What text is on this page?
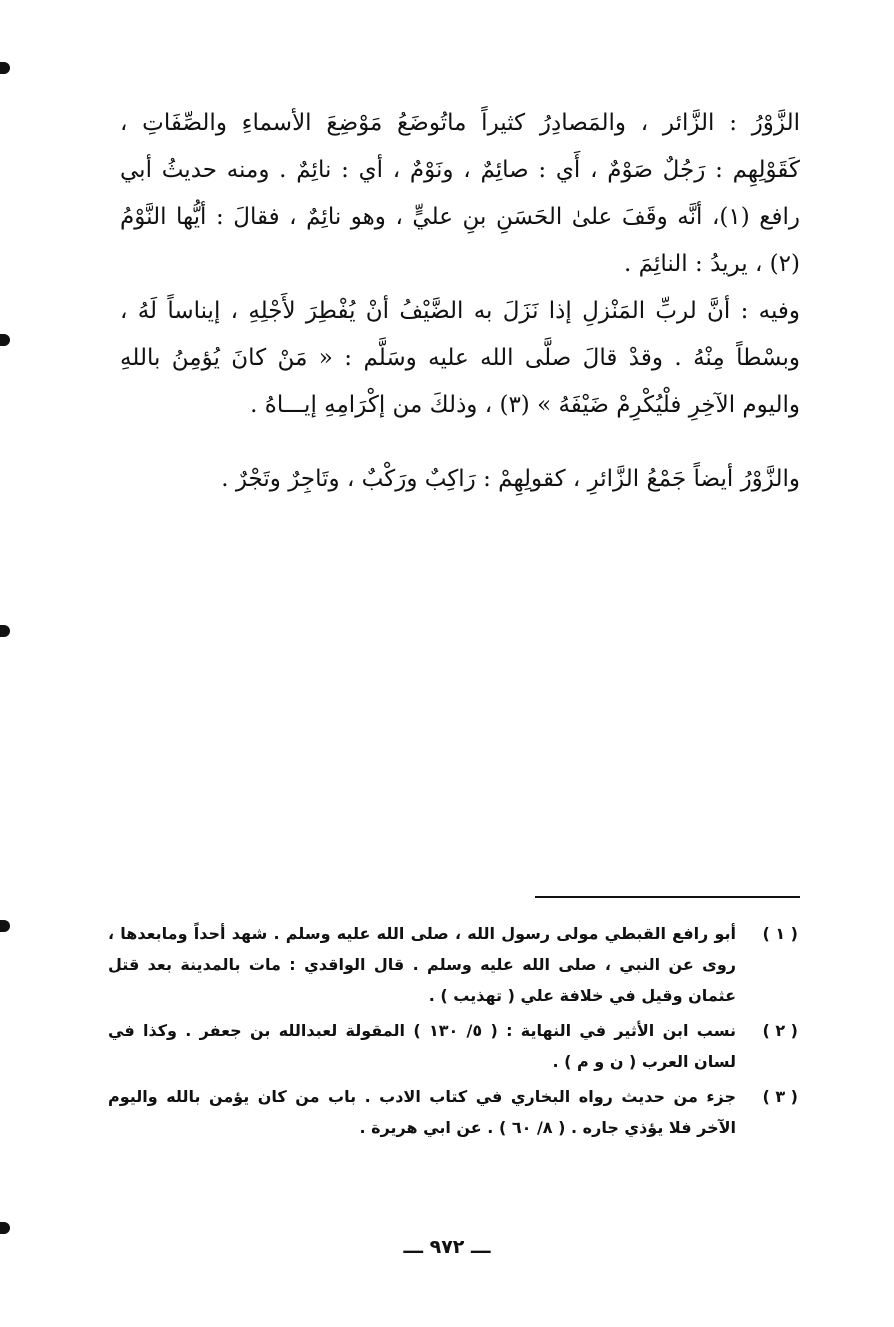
الزَّوْرُ : الزَّائر ، والمَصادِرُ كثيراً ماتُوضَعُ مَوْضِعَ الأسماءِ والصِّفَاتِ ، كَقَوْلِهِم : رَجُلٌ صَوْمٌ ، أَي : صائِمٌ ، ونَوْمٌ ، أي : نائِمٌ . ومنه حديثُ أبي رافع (١)، أنَّه وقَفَ علىٰ الحَسَنِ بنِ عليٍّ ، وهو نائِمٌ ، فقالَ : أيُّها النَّوْمُ (٢) ، يريدُ : النائِمَ .

وفيه : أنَّ لربِّ المَنْزلِ إذا نَزَلَ به الضَّيْفُ أنْ يُفْطِرَ لأَجْلِهِ ، إيناساً لَهُ ، وبسْطاً مِنْهُ . وقدْ قالَ صلَّى الله عليه وسَلَّم : « مَنْ كانَ يُؤمِنُ باللهِ واليوم الآخِرِ فلْيُكْرِمْ ضَيْفَهُ » (٣) ، وذلكَ من إكْرَامِهِ إيـــاهُ .

والزَّوْرُ أيضاً جَمْعُ الزَّائرِ ، كقولِهِمْ : رَاكِبٌ ورَكْبٌ ، وتَاجِرٌ وتَجْرٌ .

( ١ )
أبو رافع القبطي مولى رسول الله ، صلى الله عليه وسلم . شهد أحداً ومابعدها ، روى عن النبي ، صلى الله عليه وسلم . قال الواقدي : مات بالمدينة بعد قتل عثمان وقيل في خلافة علي ( تهذيب ) .
( ٢ )
نسب ابن الأثير في النهاية : ( ٥/ ١٣٠ ) المقولة لعبدالله بن جعفر . وكذا في لسان العرب ( ن و م ) .
( ٣ )
جزء من حديث رواه البخاري في كتاب الادب . باب من كان يؤمن بالله واليوم الآخر فلا يؤذي جاره . ( ٨/ ٦٠ ) . عن ابي هريرة .
ـــ ٩٧٢ ـــ
